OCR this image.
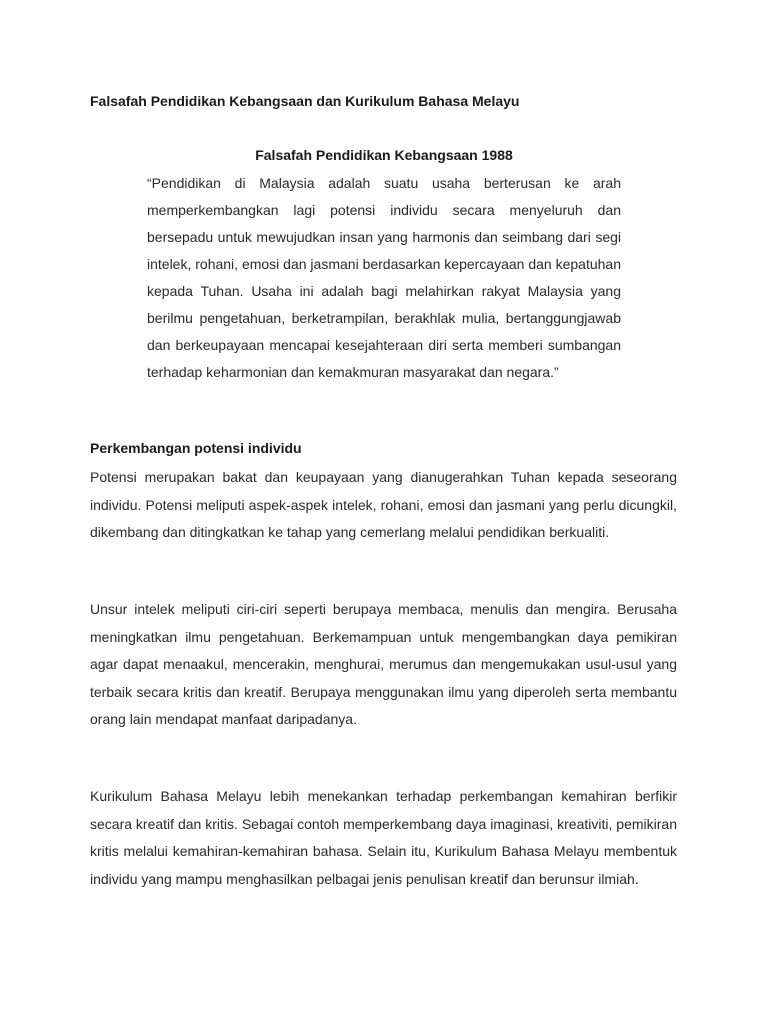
Falsafah Pendidikan Kebangsaan dan Kurikulum Bahasa Melayu
Falsafah Pendidikan Kebangsaan 1988
“Pendidikan di Malaysia adalah suatu usaha berterusan ke arah memperkembangkan lagi potensi individu secara menyeluruh dan bersepadu untuk mewujudkan insan yang harmonis dan seimbang dari segi intelek, rohani, emosi dan jasmani berdasarkan kepercayaan dan kepatuhan kepada Tuhan. Usaha ini adalah bagi melahirkan rakyat Malaysia yang berilmu pengetahuan, berketrampilan, berakhlak mulia, bertanggungjawab dan berkeupayaan mencapai kesejahteraan diri serta memberi sumbangan terhadap keharmonian dan kemakmuran masyarakat dan negara.”
Perkembangan potensi individu
Potensi merupakan bakat dan keupayaan yang dianugerahkan Tuhan kepada seseorang individu. Potensi meliputi aspek-aspek intelek, rohani, emosi dan jasmani yang perlu dicungkil, dikembang dan ditingkatkan ke tahap yang cemerlang melalui pendidikan berkualiti.
Unsur intelek meliputi ciri-ciri seperti berupaya membaca, menulis dan mengira. Berusaha meningkatkan ilmu pengetahuan. Berkemampuan untuk mengembangkan daya pemikiran agar dapat menaakul, mencerakin, menghurai, merumus dan mengemukakan usul-usul yang terbaik secara kritis dan kreatif. Berupaya menggunakan ilmu yang diperoleh serta membantu orang lain mendapat manfaat daripadanya.
Kurikulum Bahasa Melayu lebih menekankan terhadap perkembangan kemahiran berfikir secara kreatif dan kritis. Sebagai contoh memperkembang daya imaginasi, kreativiti, pemikiran kritis melalui kemahiran-kemahiran bahasa. Selain itu, Kurikulum Bahasa Melayu membentuk individu yang mampu menghasilkan pelbagai jenis penulisan kreatif dan berunsur ilmiah.
